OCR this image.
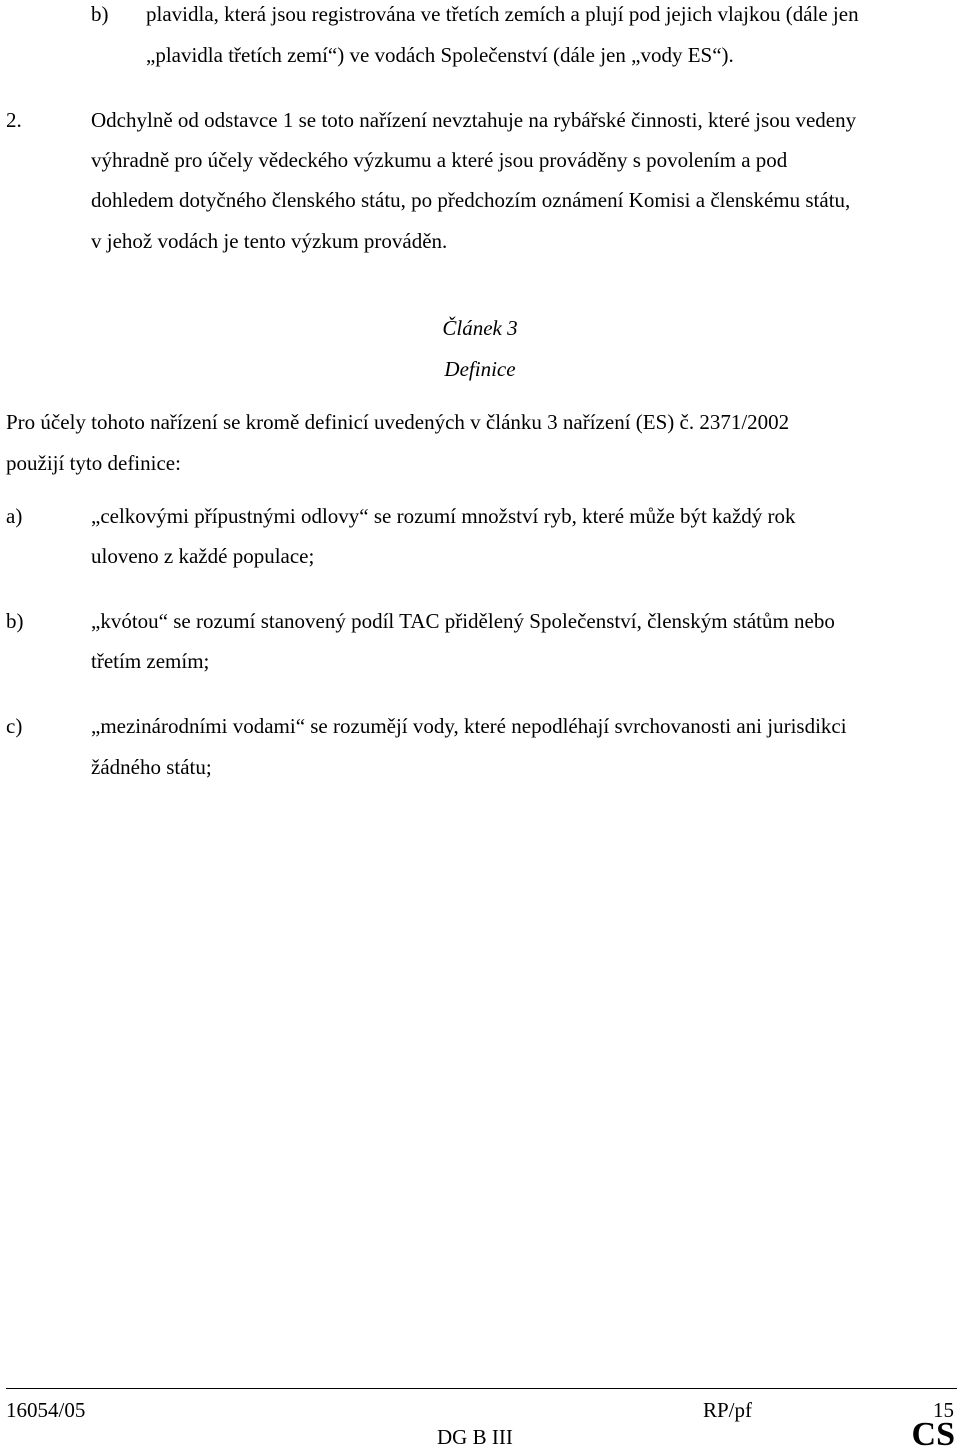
b) plavidla, která jsou registrována ve třetích zemích a plují pod jejich vlajkou (dále jen
„plavidla třetích zemí“) ve vodách Společenství (dále jen „vody ES“).
2.	Odchylně od odstavce 1 se toto nařízení nevztahuje na rybářské činnosti, které jsou vedeny
výhradně pro účely vědeckého výzkumu a které jsou prováděny s povolením a pod
dohledem dotyčného členského státu, po předchozím oznámení Komisi a členskému státu,
v jehož vodách je tento výzkum prováděn.
Článek 3
Definice
Pro účely tohoto nařízení se kromě definicí uvedených v článku 3 nařízení (ES) č. 2371/2002
použijí tyto definice:
a)	„celkovými přípustnými odlovy“ se rozumí množství ryb, které může být každý rok
uloveno z každé populace;
b)	„kvótou“ se rozumí stanovený podíl TAC přidělený Společenství, členským státům nebo
třetím zemím;
c)	„mezinárodními vodami“ se rozumějí vody, které nepodléhají svrchovanosti ani jurisdikci
žádného státu;
16054/05	RP/pf	15
DG B III	CS
